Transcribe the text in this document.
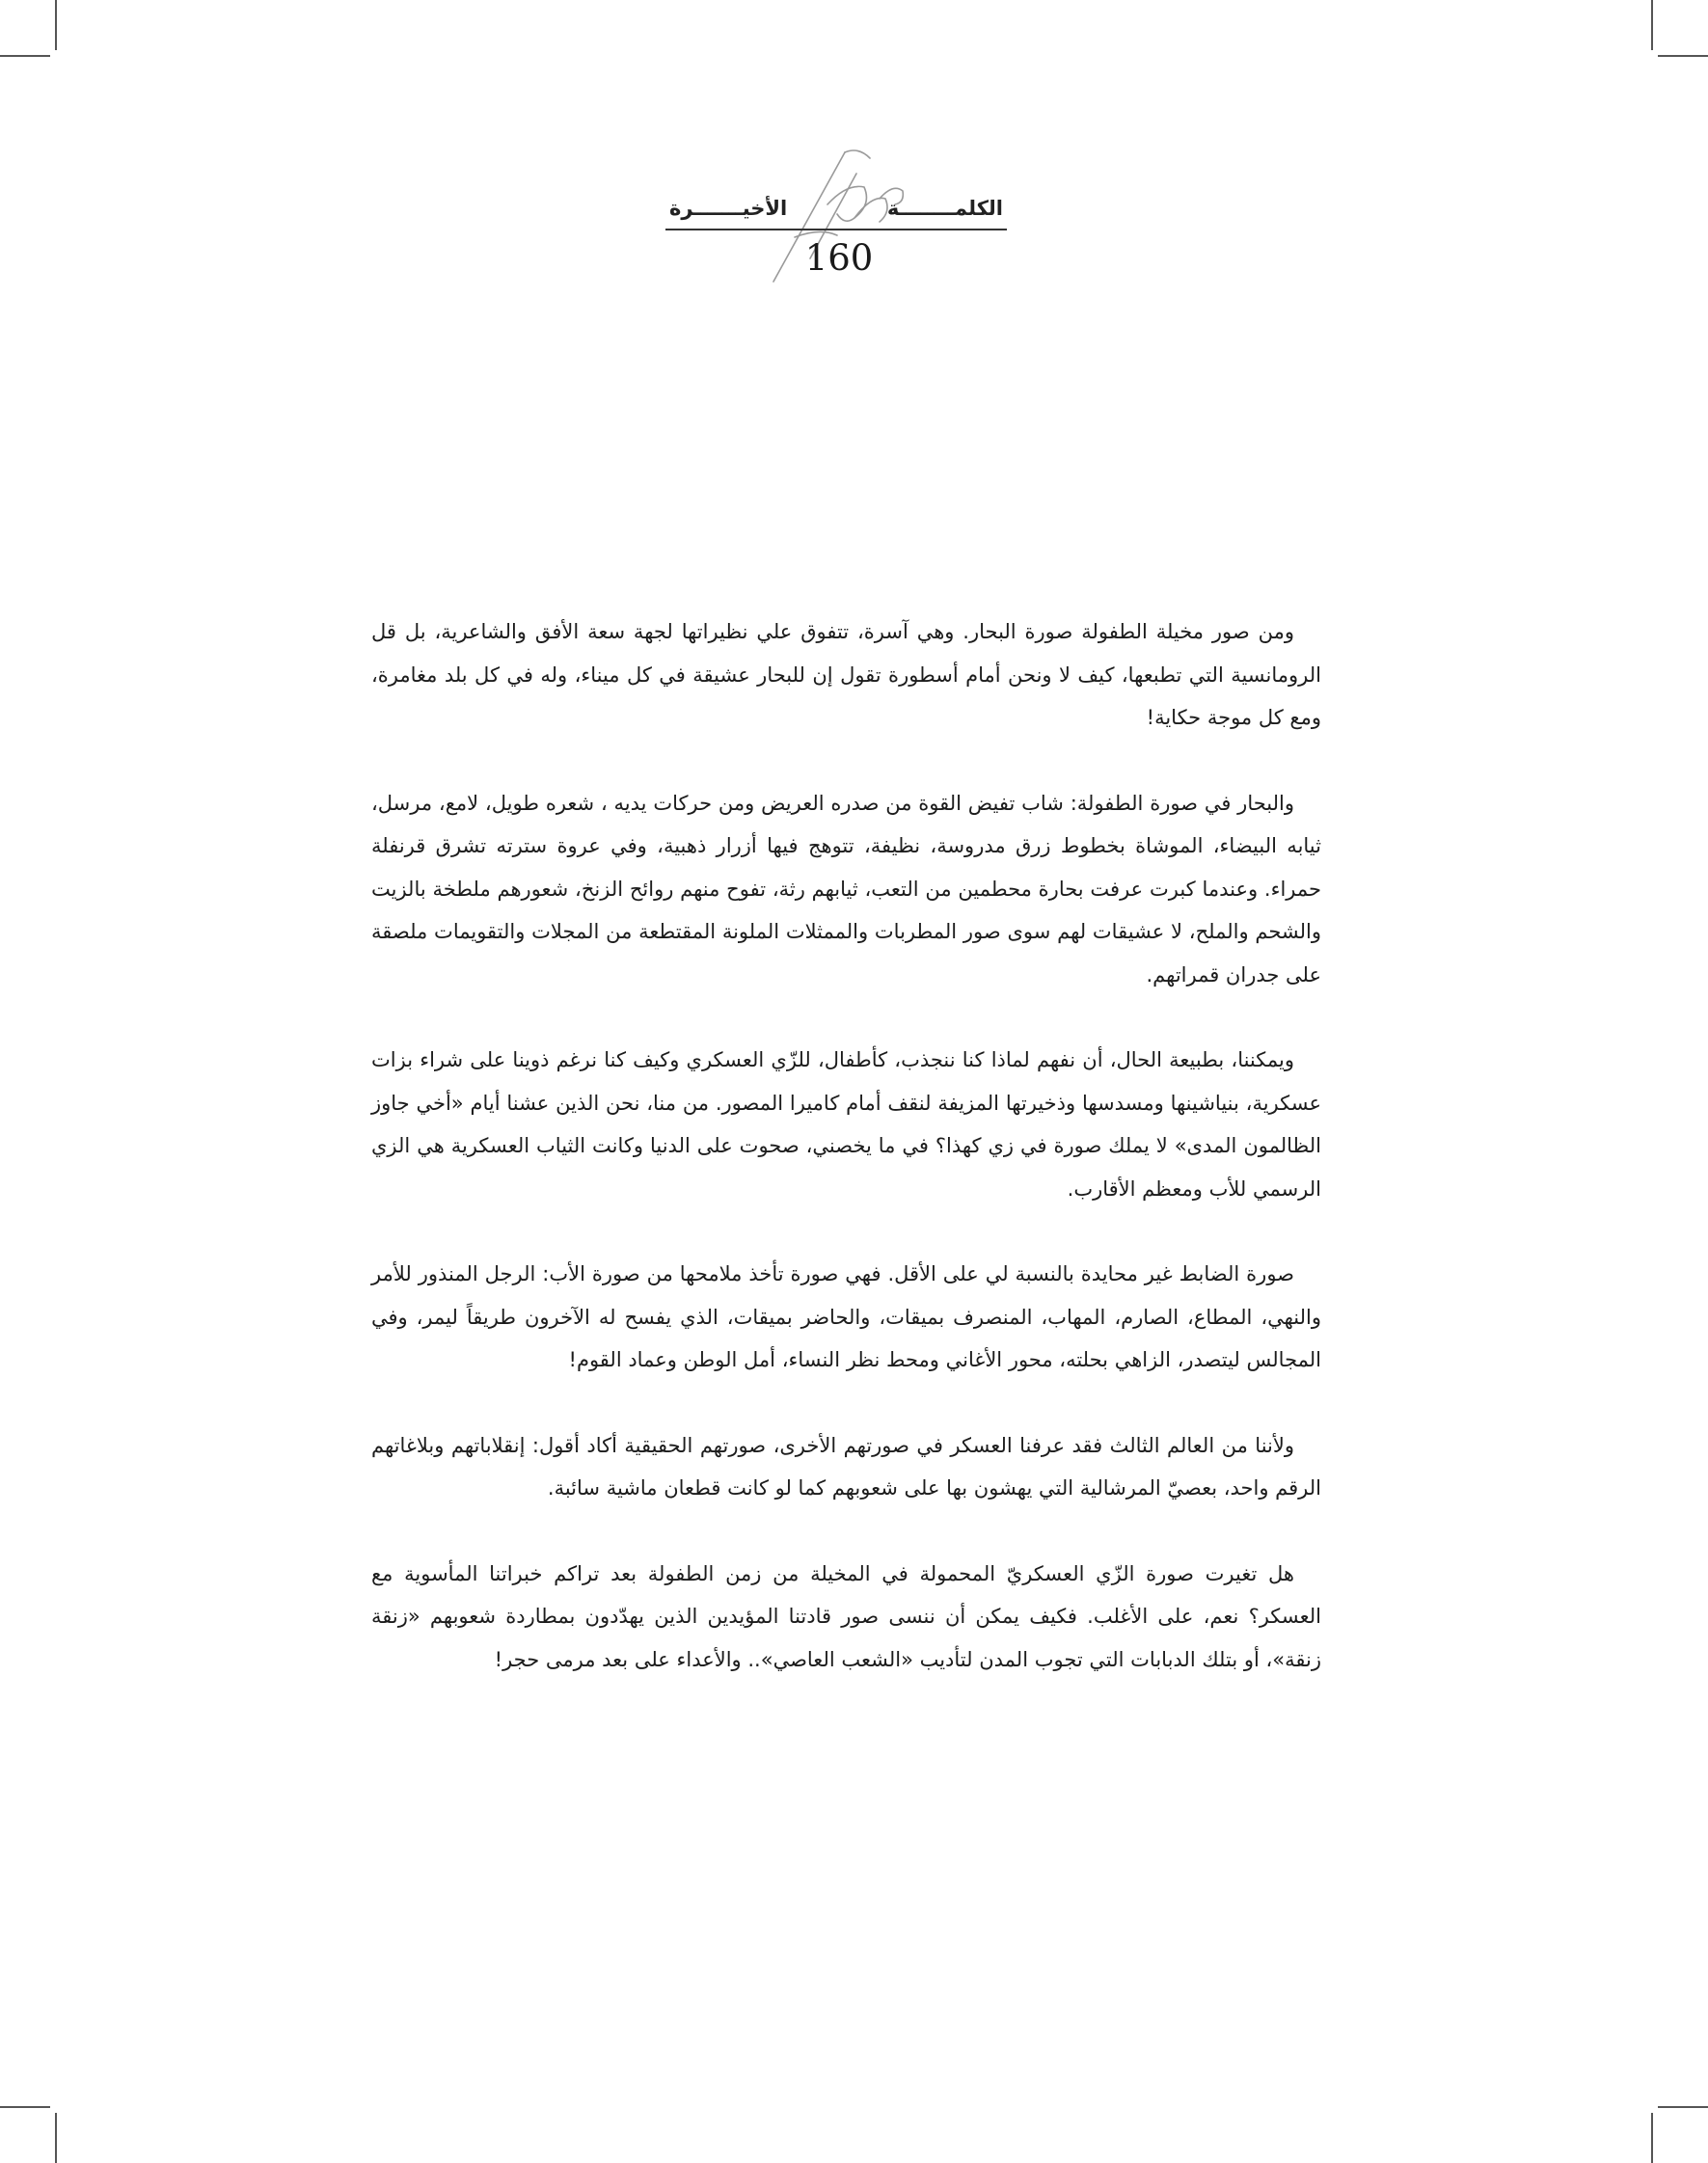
الكلمــــــــة
الأخيـــــــرة
160

ومن صور مخيلة الطفولة صورة البحار. وهي آسرة، تتفوق علي نظيراتها لجهة سعة الأفق والشاعرية، بل قل الرومانسية التي تطبعها، كيف لا ونحن أمام أسطورة تقول إن للبحار عشيقة في كل ميناء، وله في كل بلد مغامرة، ومع كل موجة حكاية!

والبحار في صورة الطفولة: شاب تفيض القوة من صدره العريض ومن حركات يديه ، شعره طويل، لامع، مرسل، ثيابه البيضاء، الموشاة بخطوط زرق مدروسة، نظيفة، تتوهج فيها أزرار ذهبية، وفي عروة سترته تشرق قرنفلة حمراء. وعندما كبرت عرفت بحارة محطمين من التعب، ثيابهم رثة، تفوح منهم روائح الزنخ، شعورهم ملطخة بالزيت والشحم والملح، لا عشيقات لهم سوى صور المطربات والممثلات الملونة المقتطعة من المجلات والتقويمات ملصقة على جدران قمراتهم.

ويمكننا، بطبيعة الحال، أن نفهم لماذا كنا ننجذب، كأطفال، للزّي العسكري وكيف كنا نرغم ذوينا على شراء بزات عسكرية، بنياشينها ومسدسها وذخيرتها المزيفة لنقف أمام كاميرا المصور. من منا، نحن الذين عشنا أيام «أخي جاوز الظالمون المدى» لا يملك صورة في زي كهذا؟ في ما يخصني، صحوت على الدنيا وكانت الثياب العسكرية هي الزي الرسمي للأب ومعظم الأقارب.

صورة الضابط غير محايدة بالنسبة لي على الأقل. فهي صورة تأخذ ملامحها من صورة الأب: الرجل المنذور للأمر والنهي، المطاع، الصارم، المهاب، المنصرف بميقات، والحاضر بميقات، الذي يفسح له الآخرون طريقاً ليمر، وفي المجالس ليتصدر، الزاهي بحلته، محور الأغاني ومحط نظر النساء، أمل الوطن وعماد القوم!

ولأننا من العالم الثالث فقد عرفنا العسكر في صورتهم الأخرى، صورتهم الحقيقية أكاد أقول: إنقلاباتهم وبلاغاتهم الرقم واحد، بعصيّ المرشالية التي يهشون بها على شعوبهم كما لو كانت قطعان ماشية سائبة.

هل تغيرت صورة الزّي العسكريّ المحمولة في المخيلة من زمن الطفولة بعد تراكم خبراتنا المأسوية مع العسكر؟ نعم، على الأغلب. فكيف يمكن أن ننسى صور قادتنا المؤيدين الذين يهدّدون بمطاردة شعوبهم «زنقة زنقة»، أو بتلك الدبابات التي تجوب المدن لتأديب «الشعب العاصي».. والأعداء على بعد مرمى حجر!
